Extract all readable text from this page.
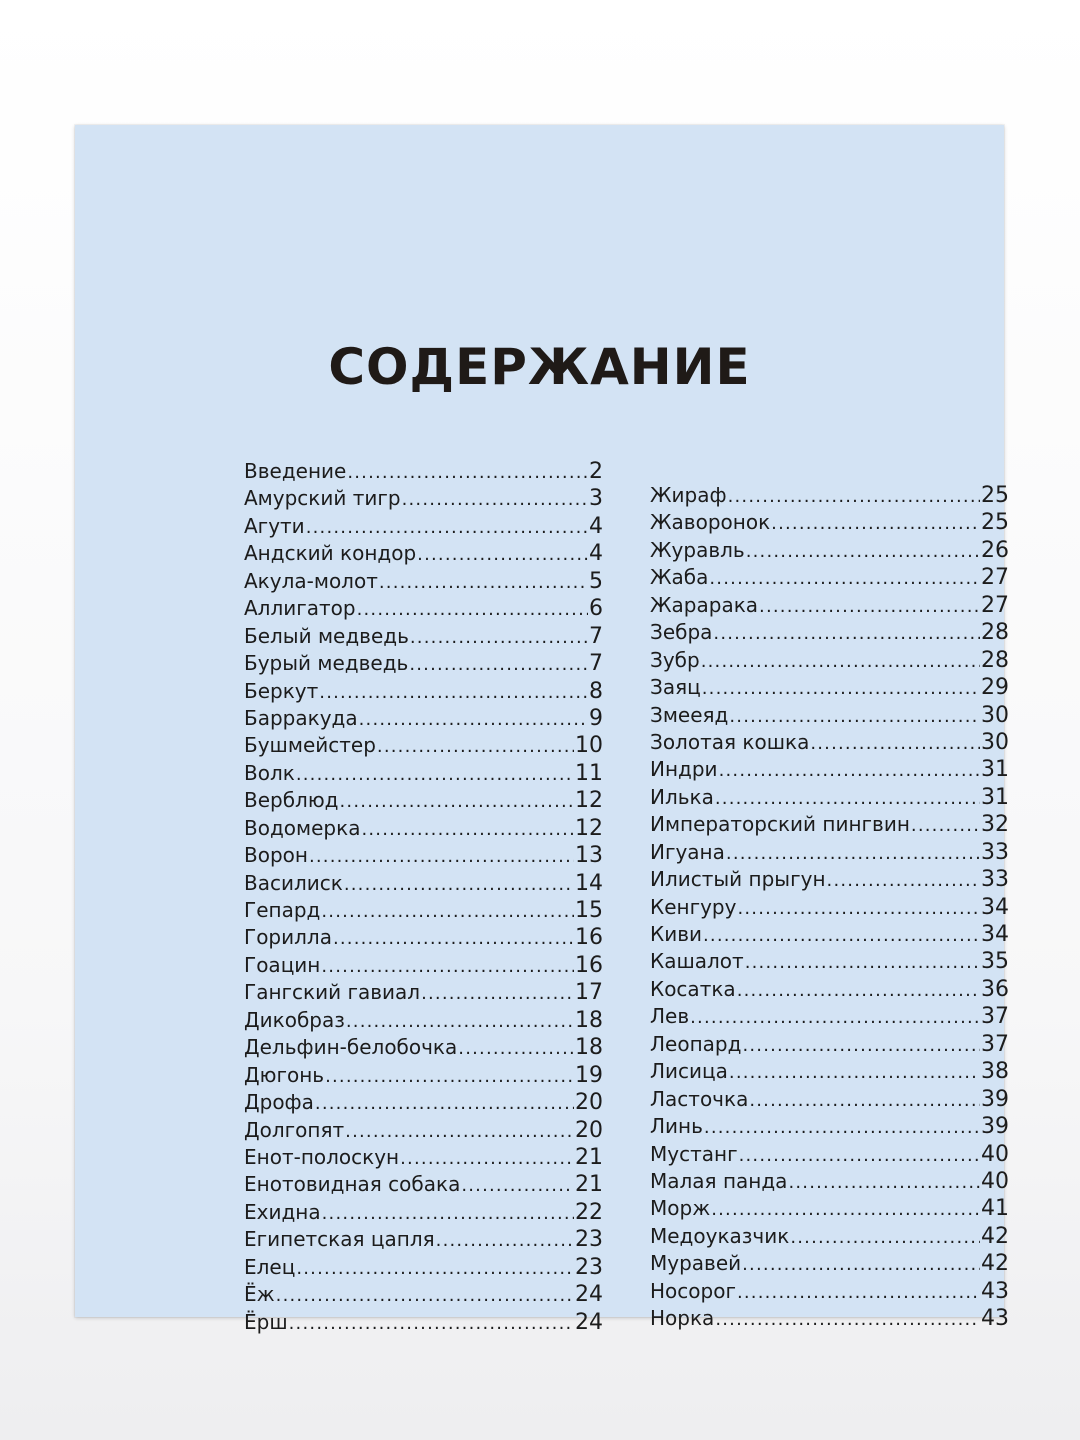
СОДЕРЖАНИЕ
Введение .....	2
Амурский тигр .....	3
Агути .....	4
Андский кондор .....	4
Акула-молот .....	5
Аллигатор .....	6
Белый медведь .....	7
Бурый медведь .....	7
Беркут .....	8
Барракуда .....	9
Бушмейстер .....	10
Волк .....	11
Верблюд .....	12
Водомерка .....	12
Ворон .....	13
Василиск .....	14
Гепард .....	15
Горилла .....	16
Гоацин .....	16
Гангский гавиал .....	17
Дикобраз .....	18
Дельфин-белобочка .....	18
Дюгонь .....	19
Дрофа .....	20
Долгопят .....	20
Енот-полоскун .....	21
Енотовидная собака .....	21
Ехидна .....	22
Египетская цапля .....	23
Елец .....	23
Ёж .....	24
Ёрш .....	24
Жираф .....	25
Жаворонок .....	25
Журавль .....	26
Жаба .....	27
Жарарака .....	27
Зебра .....	28
Зубр .....	28
Заяц .....	29
Змееяд .....	30
Золотая кошка .....	30
Индри .....	31
Илька .....	31
Императорский пингвин .....	32
Игуана .....	33
Илистый прыгун .....	33
Кенгуру .....	34
Киви .....	34
Кашалот .....	35
Косатка .....	36
Лев .....	37
Леопард .....	37
Лисица .....	38
Ласточка .....	39
Линь .....	39
Мустанг .....	40
Малая панда .....	40
Морж .....	41
Медоуказчик .....	42
Муравей .....	42
Носорог .....	43
Норка .....	43
